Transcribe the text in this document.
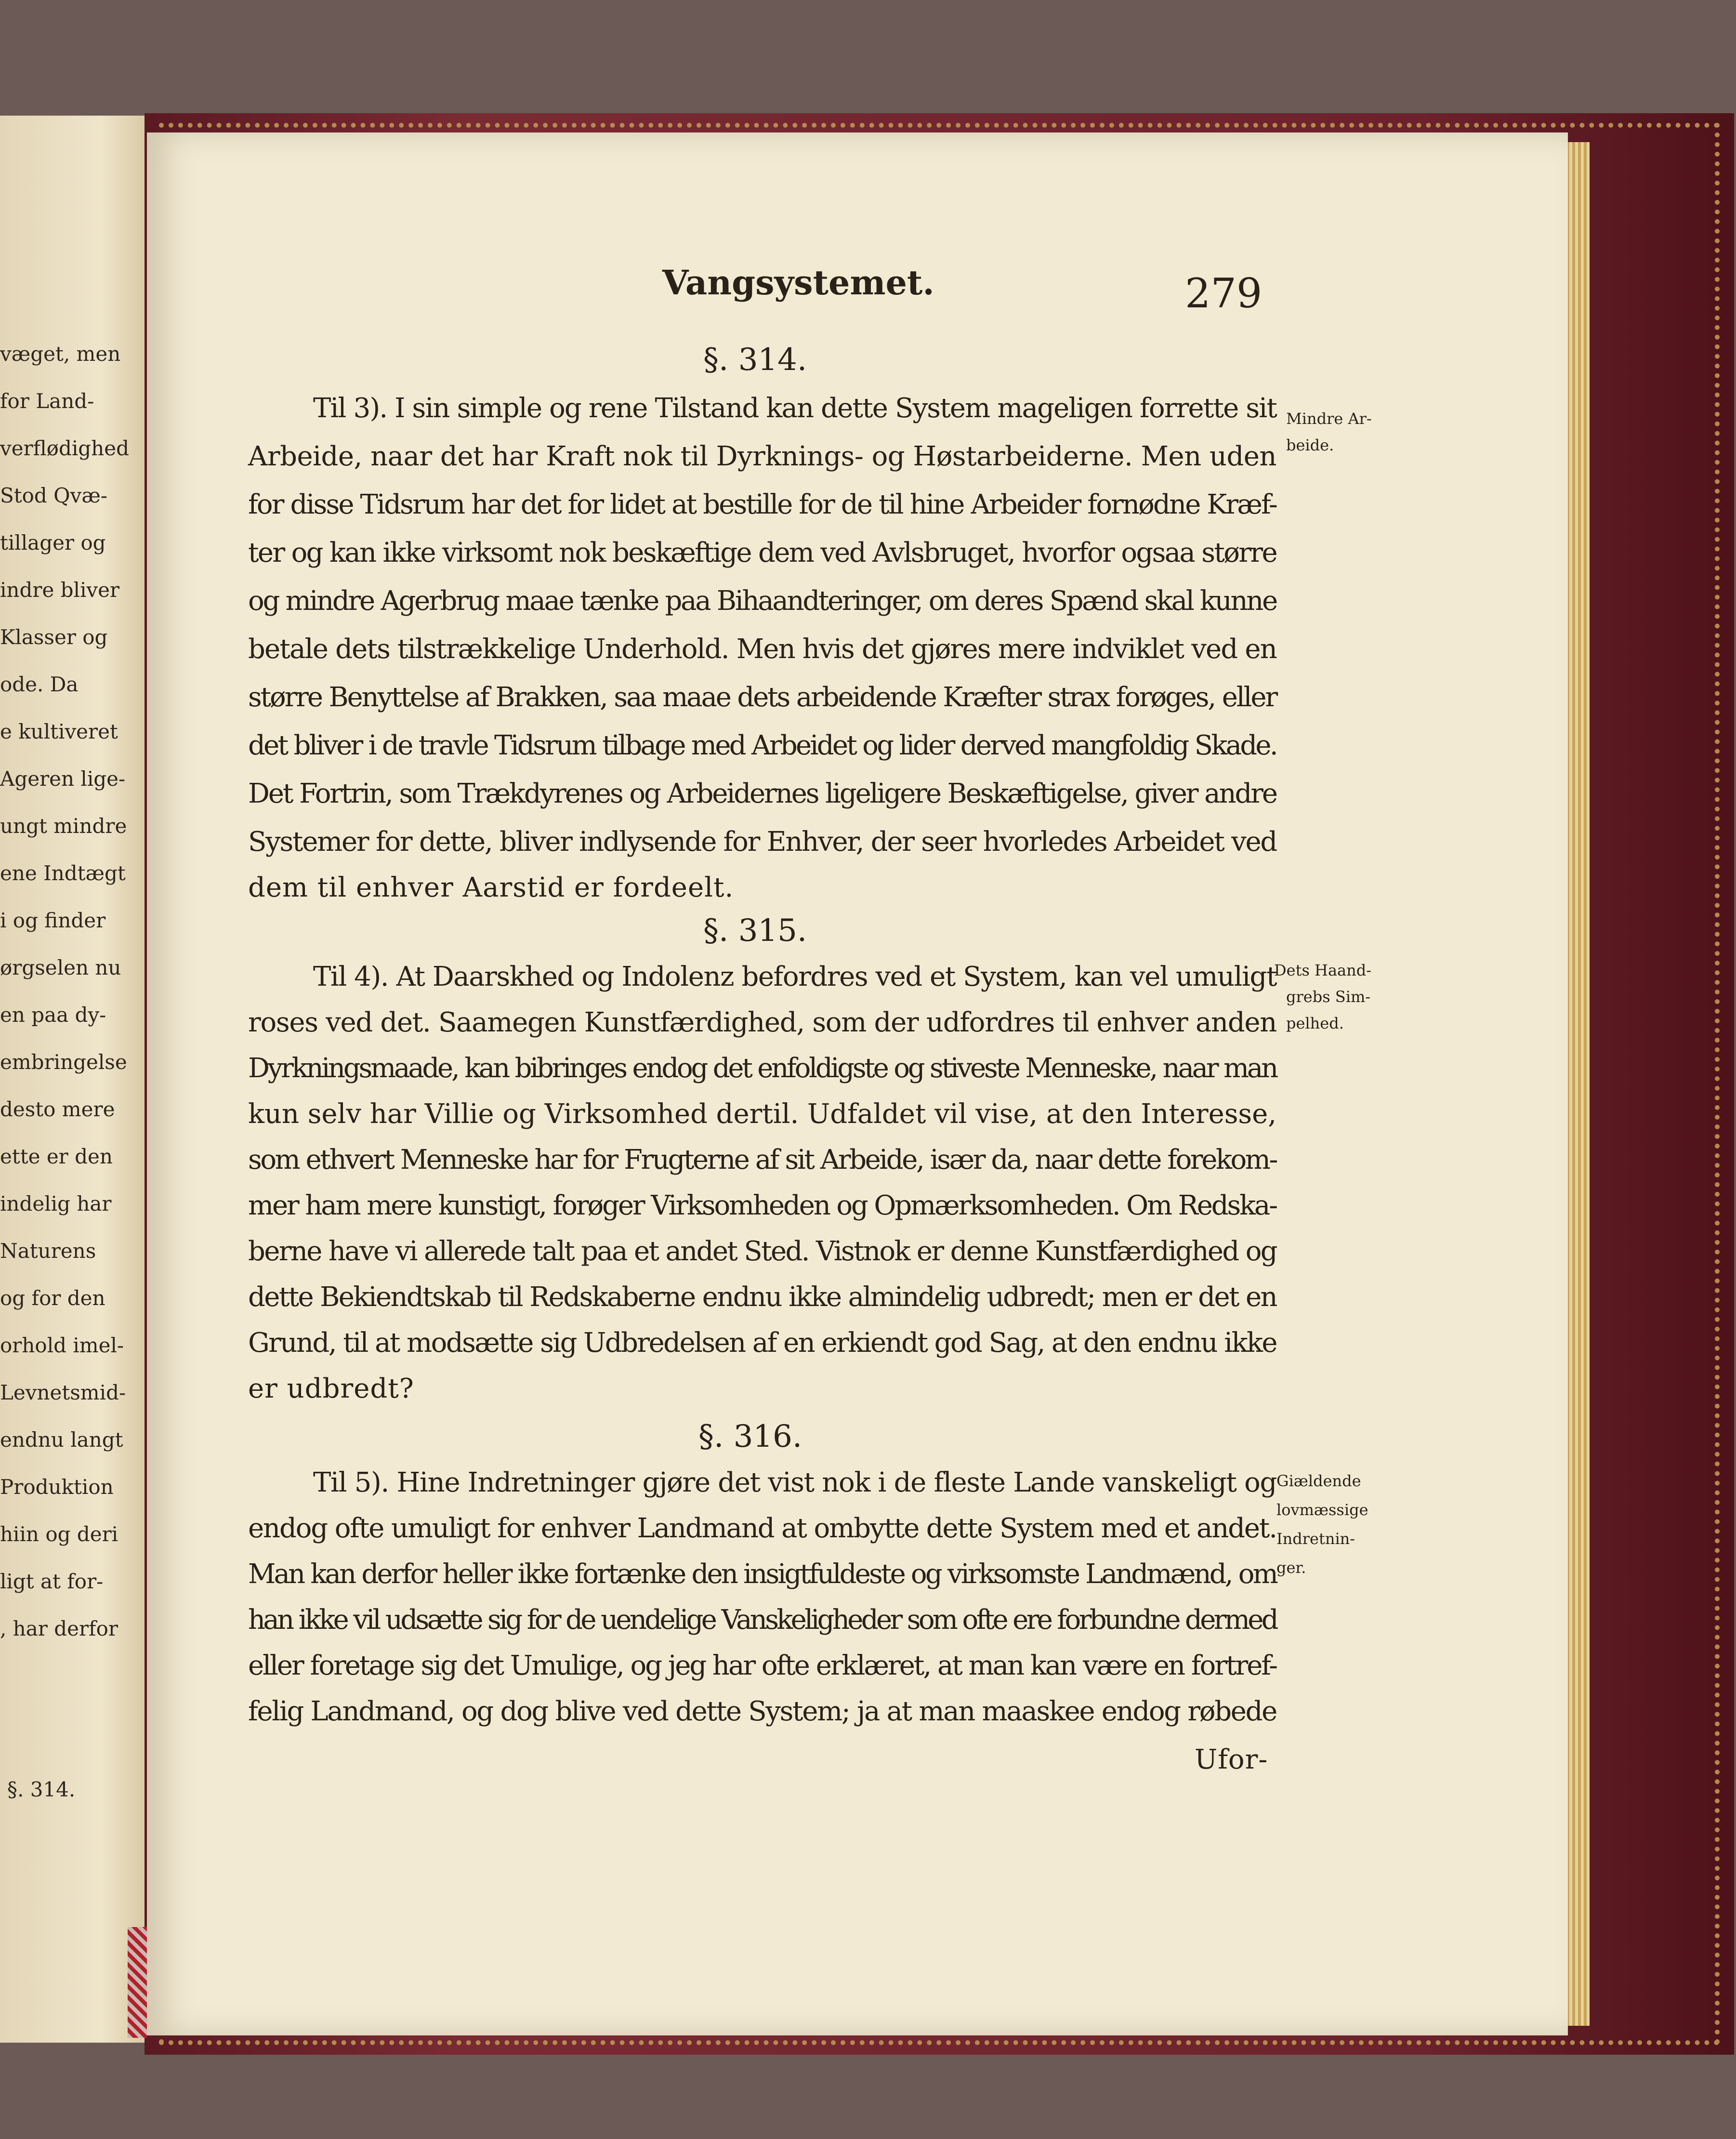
Vangsystemet.	279
§. 314.
Til 3). I sin simple og rene Tilstand kan dette System mageligen forrette sit
Arbeide, naar det har Kraft nok til Dyrknings- og Høstarbeiderne. Men uden
for disse Tidsrum har det for lidet at bestille for de til hine Arbeider fornødne Kræf-
ter og kan ikke virksomt nok beskæftige dem ved Avlsbruget, hvorfor ogsaa større
og mindre Agerbrug maae tænke paa Bihaandteringer, om deres Spænd skal kunne
betale dets tilstrækkelige Underhold. Men hvis det gjøres mere indviklet ved en
større Benyttelse af Brakken, saa maae dets arbeidende Kræfter strax forøges, eller
det bliver i de travle Tidsrum tilbage med Arbeidet og lider derved mangfoldig Skade.
Det Fortrin, som Trækdyrenes og Arbeidernes ligeligere Beskæftigelse, giver andre
Systemer for dette, bliver indlysende for Enhver, der seer hvorledes Arbeidet ved
dem til enhver Aarstid er fordeelt.
§. 315.
Til 4). At Daarskhed og Indolenz befordres ved et System, kan vel umuligt
roses ved det. Saamegen Kunstfærdighed, som der udfordres til enhver anden
Dyrkningsmaade, kan bibringes endog det enfoldigste og stiveste Menneske, naar man
kun selv har Villie og Virksomhed dertil. Udfaldet vil vise, at den Interesse,
som ethvert Menneske har for Frugterne af sit Arbeide, især da, naar dette forekom-
mer ham mere kunstigt, forøger Virksomheden og Opmærksomheden. Om Redska-
berne have vi allerede talt paa et andet Sted. Vistnok er denne Kunstfærdighed og
dette Bekiendtskab til Redskaberne endnu ikke almindelig udbredt; men er det en
Grund, til at modsætte sig Udbredelsen af en erkiendt god Sag, at den endnu ikke
er udbredt?
§. 316.
Til 5). Hine Indretninger gjøre det vist nok i de fleste Lande vanskeligt og
endog ofte umuligt for enhver Landmand at ombytte dette System med et andet.
Man kan derfor heller ikke fortænke den insigtfuldeste og virksomste Landmænd, om
han ikke vil udsætte sig for de uendelige Vanskeligheder som ofte ere forbundne dermed
eller foretage sig det Umulige, og jeg har ofte erklæret, at man kan være en fortref-
felig Landmand, og dog blive ved dette System; ja at man maaskee endog røbede
Ufor-
Mindre Ar-
beide.
Dets Haand-
grebs Sim-
pelhed.
Giældende
lovmæssige
Indretnin-
ger.
væget, men
for Land-
verflødighed
Stod Qvæ-
tillager og
indre bliver
Klasser og
ode. Da
e kultiveret
Ageren lige-
ungt mindre
ene Indtægt
i og finder
ørgselen nu
en paa dy-
embringelse
desto mere
ette er den
indelig har
Naturens
og for den
orhold imel-
Levnetsmid-
endnu langt
Produktion
hiin og deri
ligt at for-
, har derfor
§. 314.
